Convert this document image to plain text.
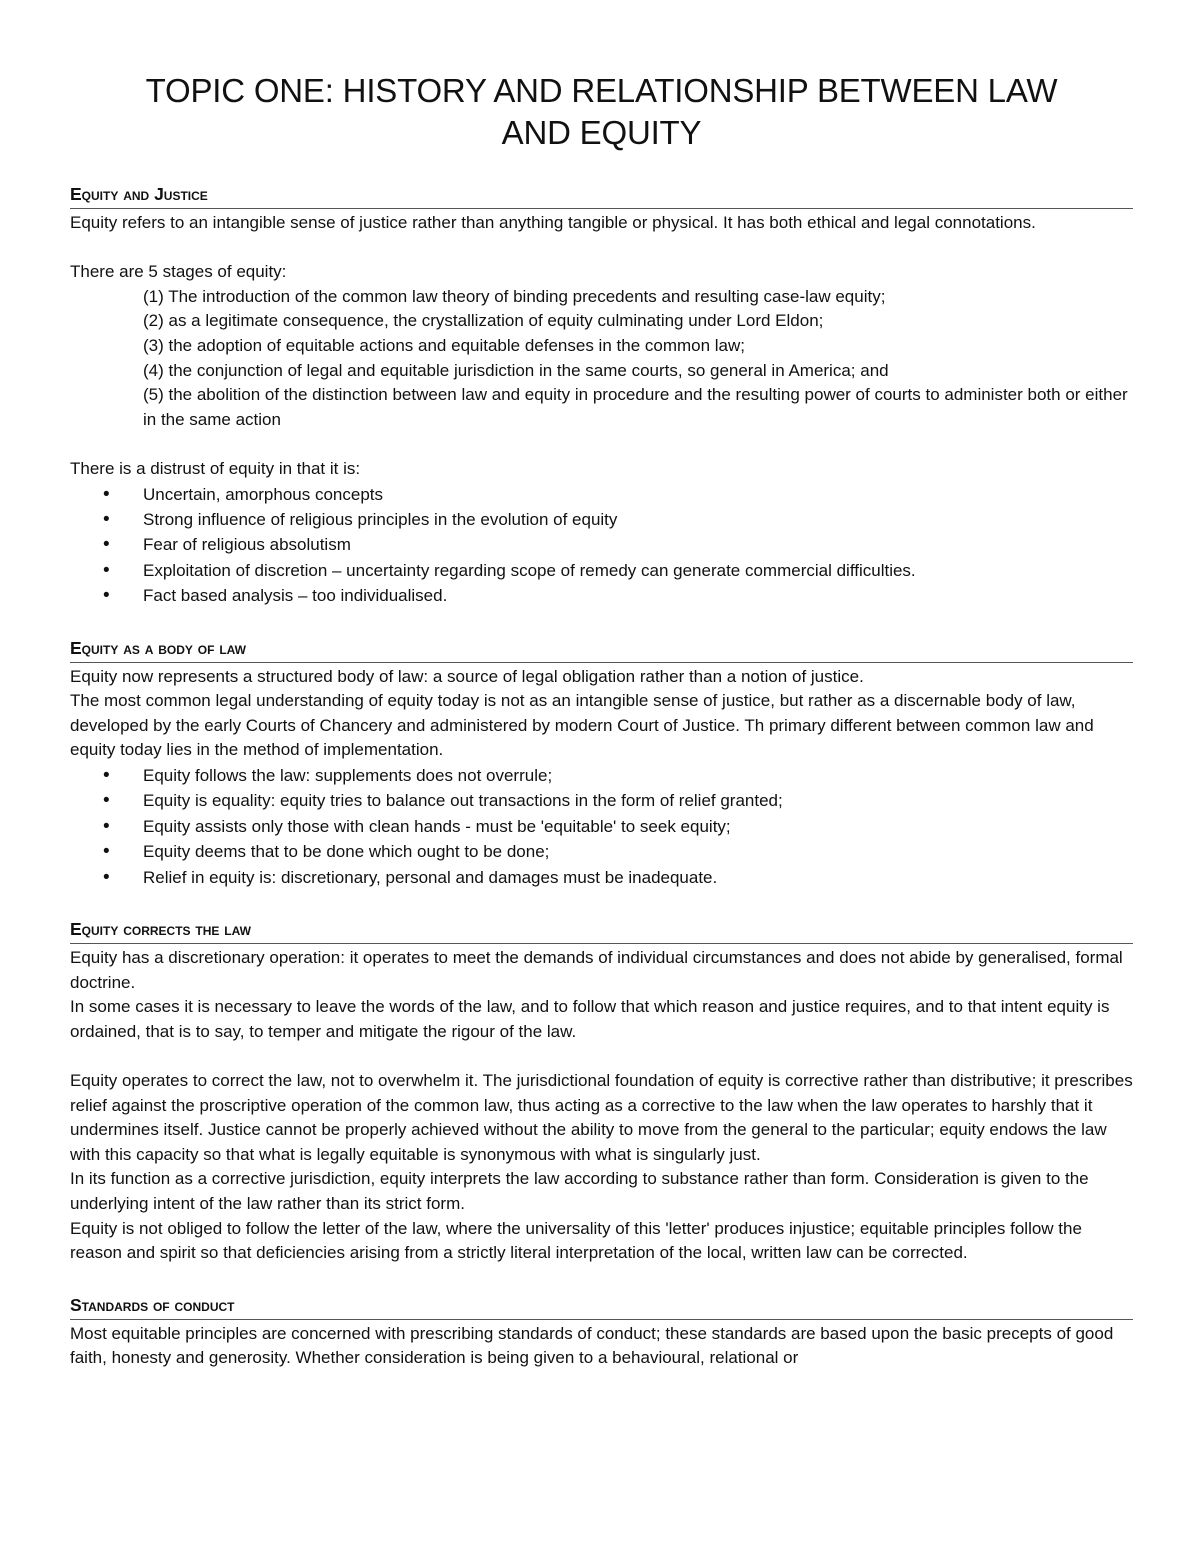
TOPIC ONE: HISTORY AND RELATIONSHIP BETWEEN LAW
AND EQUITY
Equity and Justice

Equity refers to an intangible sense of justice rather than anything tangible or physical. It has both ethical and legal connotations.

There are 5 stages of equity:

(1) The introduction of the common law theory of binding precedents and resulting case-law equity;
(2) as a legitimate consequence, the crystallization of equity culminating under Lord Eldon;
(3) the adoption of equitable actions and equitable defenses in the common law;
(4) the conjunction of legal and equitable jurisdiction in the same courts, so general in America; and
(5) the abolition of the distinction between law and equity in procedure and the resulting power of courts to administer both or either in the same action

There is a distrust of equity in that it is:

• Uncertain, amorphous concepts
• Strong influence of religious principles in the evolution of equity
• Fear of religious absolutism
• Exploitation of discretion – uncertainty regarding scope of remedy can generate commercial difficulties.
• Fact based analysis – too individualised.
Equity as a body of law

Equity now represents a structured body of law: a source of legal obligation rather than a notion of justice.

The most common legal understanding of equity today is not as an intangible sense of justice, but rather as a discernable body of law, developed by the early Courts of Chancery and administered by modern Court of Justice. Th primary different between common law and equity today lies in the method of implementation.

• Equity follows the law: supplements does not overrule;
• Equity is equality: equity tries to balance out transactions in the form of relief granted;
• Equity assists only those with clean hands - must be 'equitable' to seek equity;
• Equity deems that to be done which ought to be done;
• Relief in equity is: discretionary, personal and damages must be inadequate.
Equity corrects the law

Equity has a discretionary operation: it operates to meet the demands of individual circumstances and does not abide by generalised, formal doctrine.

In some cases it is necessary to leave the words of the law, and to follow that which reason and justice requires, and to that intent equity is ordained, that is to say, to temper and mitigate the rigour of the law.

Equity operates to correct the law, not to overwhelm it. The jurisdictional foundation of equity is corrective rather than distributive; it prescribes relief against the proscriptive operation of the common law, thus acting as a corrective to the law when the law operates to harshly that it undermines itself. Justice cannot be properly achieved without the ability to move from the general to the particular; equity endows the law with this capacity so that what is legally equitable is synonymous with what is singularly just.

In its function as a corrective jurisdiction, equity interprets the law according to substance rather than form. Consideration is given to the underlying intent of the law rather than its strict form.

Equity is not obliged to follow the letter of the law, where the universality of this 'letter' produces injustice; equitable principles follow the reason and spirit so that deficiencies arising from a strictly literal interpretation of the local, written law can be corrected.

Standards of conduct

Most equitable principles are concerned with prescribing standards of conduct; these standards are based upon the basic precepts of good faith, honesty and generosity. Whether consideration is being given to a behavioural, relational or
